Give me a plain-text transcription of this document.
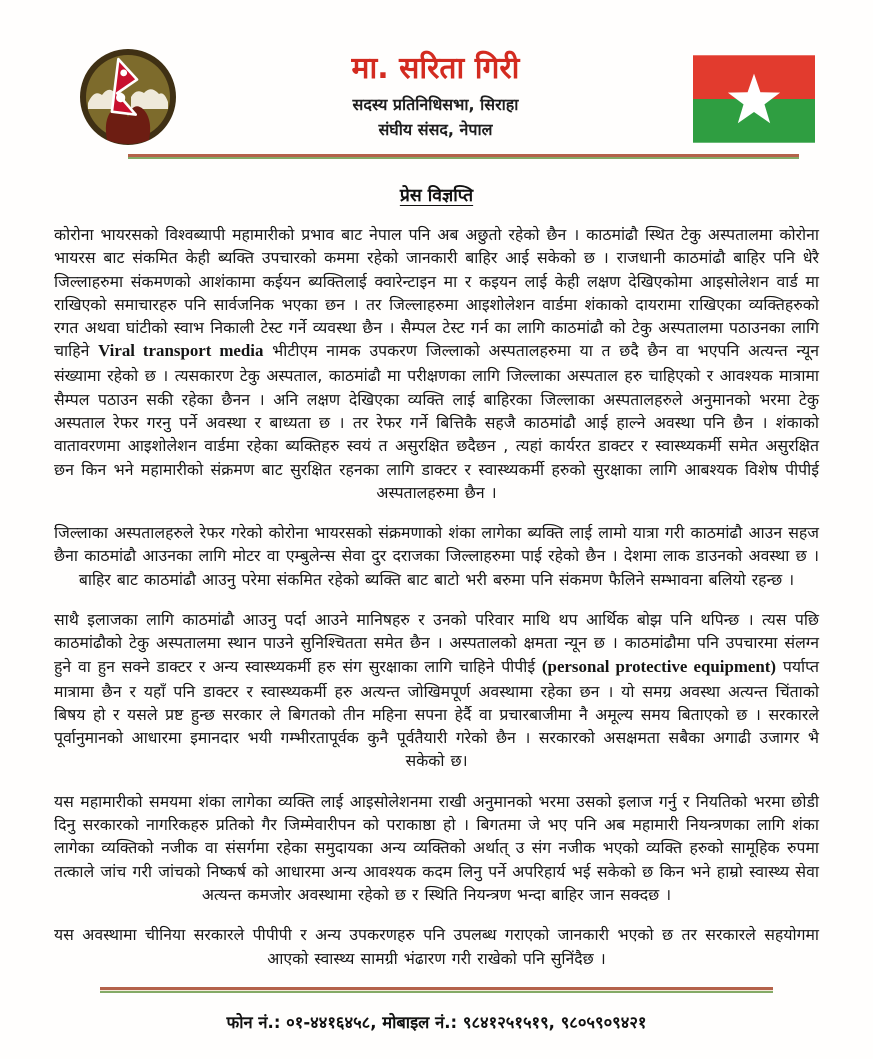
मा. सरिता गिरी
सदस्य प्रतिनिधिसभा, सिराहा
संघीय संसद, नेपाल
प्रेस विज्ञप्ति

कोरोना भायरसको विश्वब्यापी महामारीको प्रभाव बाट नेपाल पनि अब अछुतो रहेको छैन । काठमांढौ स्थित टेकु अस्पतालमा कोरोना भायरस बाट संकमित केही ब्यक्ति उपचारको कममा रहेको जानकारी बाहिर आई सकेको छ । राजधानी काठमांढौ बाहिर पनि धेरै जिल्लाहरुमा संकमणको आशंकामा कईयन ब्यक्तिलाई क्वारेन्टाइन मा र कइयन लाई केही लक्षण देखिएकोमा आइसोलेशन वार्ड मा राखिएको समाचारहरु पनि सार्वजनिक भएका छन । तर जिल्लाहरुमा आइशोलेशन वार्डमा शंकाको दायरामा राखिएका व्यक्तिहरुको रगत अथवा घांटीको स्वाभ निकाली टेस्ट गर्ने व्यवस्था छैन । सैम्पल टेस्ट गर्न का लागि काठमांढौ को टेकु अस्पतालमा पठाउनका लागि चाहिने Viral transport media भीटीएम नामक उपकरण जिल्लाको अस्पतालहरुमा या त छदै छैन वा भएपनि अत्यन्त न्यून संख्यामा रहेको छ । त्यसकारण टेकु अस्पताल, काठमांढौ मा परीक्षणका लागि जिल्लाका अस्पताल हरु चाहिएको र आवश्यक मात्रामा सैम्पल पठाउन सकी रहेका छैनन । अनि लक्षण देखिएका व्यक्ति लाई बाहिरका जिल्लाका अस्पतालहरुले अनुमानको भरमा टेकु अस्पताल रेफर गरनु पर्ने अवस्था र बाध्यता छ । तर रेफर गर्ने बित्तिकै सहजै काठमांढौ आई हाल्ने अवस्था पनि छैन । शंकाको वातावरणमा आइशोलेशन वार्डमा रहेका ब्यक्तिहरु स्वयं त असुरक्षित छदैछन , त्यहां कार्यरत डाक्टर र स्वास्थ्यकर्मी समेत असुरक्षित छन किन भने महामारीको संक्रमण बाट सुरक्षित रहनका लागि डाक्टर र स्वास्थ्यकर्मी हरुको सुरक्षाका लागि आबश्यक विशेष पीपीई अस्पतालहरुमा छैन ।

जिल्लाका अस्पतालहरुले रेफर गरेको कोरोना भायरसको संक्रमणाको शंका लागेका ब्यक्ति लाई लामो यात्रा गरी काठमांढौ आउन सहज छैना काठमांढौ आउनका लागि मोटर वा एम्बुलेन्स सेवा दुर दराजका जिल्लाहरुमा पाई रहेको छैन । देशमा लाक डाउनको अवस्था छ । बाहिर बाट काठमांढौ आउनु परेमा संकमित रहेको ब्यक्ति बाट बाटो भरी बरुमा पनि संकमण फैलिने सम्भावना बलियो रहन्छ ।

साथै इलाजका लागि काठमांढौ आउनु पर्दा आउने मानिषहरु र उनको परिवार माथि थप आर्थिक बोझ पनि थपिन्छ । त्यस पछि काठमांढौको टेकु अस्पतालमा स्थान पाउने सुनिश्चितता समेत छैन । अस्पतालको क्षमता न्यून छ । काठमांढौमा पनि उपचारमा संलग्न हुने वा हुन सक्ने डाक्टर र अन्य स्वास्थ्यकर्मी हरु संग सुरक्षाका लागि चाहिने पीपीई (personal protective equipment) पर्याप्त मात्रामा छैन र यहाँ पनि डाक्टर र स्वास्थ्यकर्मी हरु अत्यन्त जोखिमपूर्ण अवस्थामा रहेका छन । यो समग्र अवस्था अत्यन्त चिंताको बिषय हो र यसले प्रष्ट हुन्छ सरकार ले बिगतको तीन महिना सपना हेर्दै वा प्रचारबाजीमा नै अमूल्य समय बिताएको छ । सरकारले पूर्वानुमानको आधारमा इमानदार भयी गम्भीरतापूर्वक कुनै पूर्वतैयारी गरेको छैन । सरकारको असक्षमता सबैका अगाढी उजागर भै सकेको छ।

यस महामारीको समयमा शंका लागेका व्यक्ति लाई आइसोलेशनमा राखी अनुमानको भरमा उसको इलाज गर्नु र नियतिको भरमा छोडी दिनु सरकारको नागरिकहरु प्रतिको गैर जिम्मेवारीपन को पराकाष्ठा हो । बिगतमा जे भए पनि अब महामारी नियन्त्रणका लागि शंका लागेका व्यक्तिको नजीक वा संसर्गमा रहेका समुदायका अन्य व्यक्तिको अर्थात् उ संग नजीक भएको व्यक्ति हरुको सामूहिक रुपमा तत्काले जांच गरी जांचको निष्कर्ष को आधारमा अन्य आवश्यक कदम लिनु पर्ने अपरिहार्य भई सकेको छ किन भने हाम्रो स्वास्थ्य सेवा अत्यन्त कमजोर अवस्थामा रहेको छ र स्थिति नियन्त्रण भन्दा बाहिर जान सक्दछ ।

यस अवस्थामा चीनिया सरकारले पीपीपी र अन्य उपकरणहरु पनि उपलब्ध गराएको जानकारी भएको छ तर सरकारले सहयोगमा आएको स्वास्थ्य सामग्री भंढारण गरी राखेको पनि सुनिंदैछ ।

फोन नं.: ०१-४४१६४५८, मोबाइल नं.: ९८४१२५१५१९, ९८०५९०९४२१
